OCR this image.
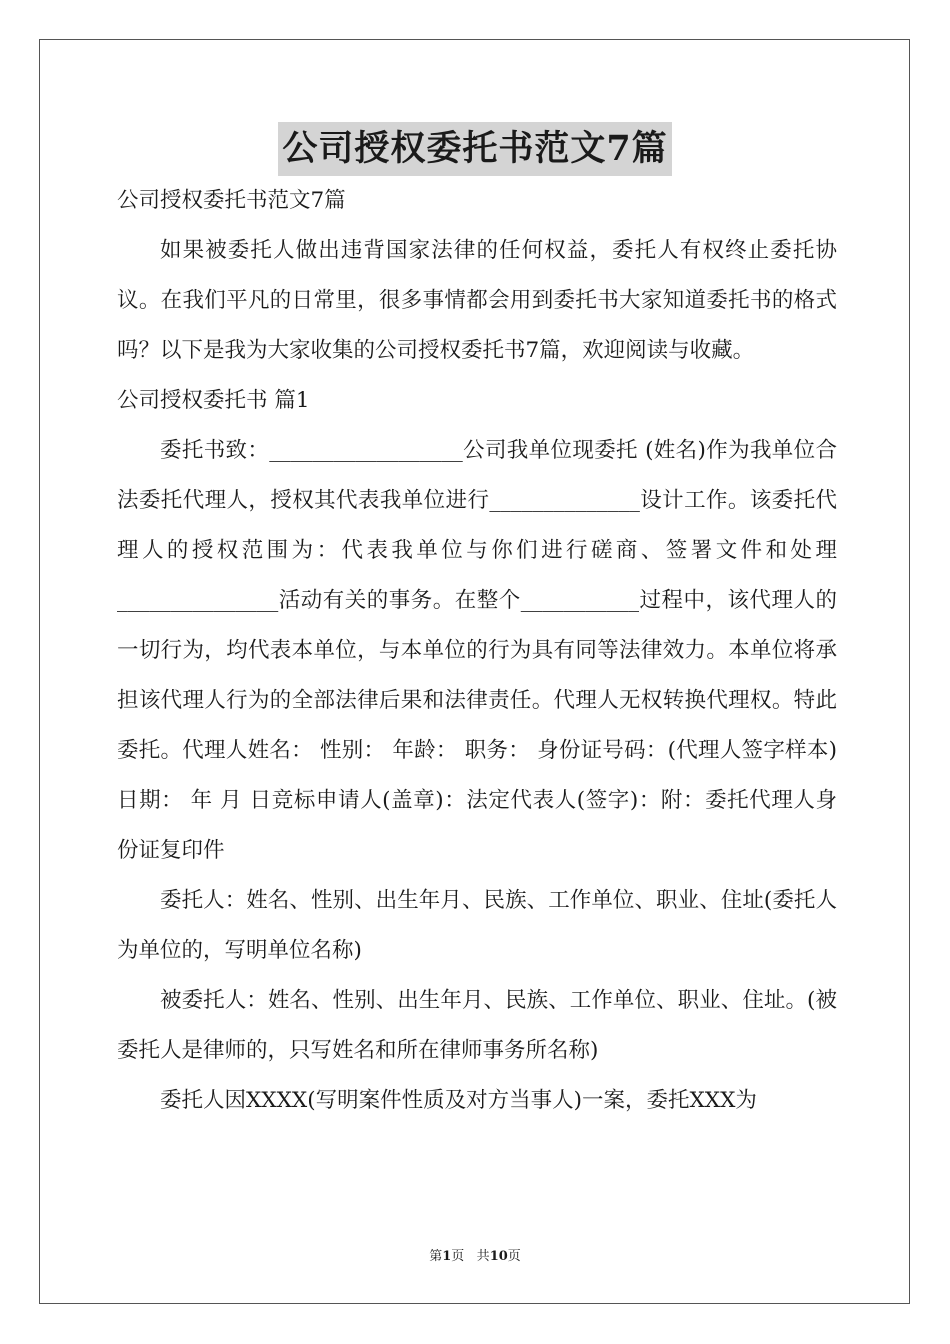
公司授权委托书范文7篇

公司授权委托书范文7篇

如果被委托人做出违背国家法律的任何权益，委托人有权终止委托协议。在我们平凡的日常里，很多事情都会用到委托书大家知道委托书的格式吗？以下是我为大家收集的公司授权委托书7篇，欢迎阅读与收藏。

公司授权委托书 篇1

委托书致：__________________公司我单位现委托 (姓名)作为我单位合法委托代理人，授权其代表我单位进行______________设计工作。该委托代理人的授权范围为：代表我单位与你们进行磋商、签署文件和处理_______________活动有关的事务。在整个___________过程中，该代理人的一切行为，均代表本单位，与本单位的行为具有同等法律效力。本单位将承担该代理人行为的全部法律后果和法律责任。代理人无权转换代理权。特此委托。代理人姓名： 性别： 年龄： 职务： 身份证号码：(代理人签字样本)日期： 年 月 日竞标申请人(盖章)：法定代表人(签字)：附：委托代理人身份证复印件

委托人：姓名、性别、出生年月、民族、工作单位、职业、住址(委托人为单位的，写明单位名称)

被委托人：姓名、性别、出生年月、民族、工作单位、职业、住址。(被委托人是律师的，只写姓名和所在律师事务所名称)

委托人因XXXX(写明案件性质及对方当事人)一案，委托XXX为

第1页 共10页
